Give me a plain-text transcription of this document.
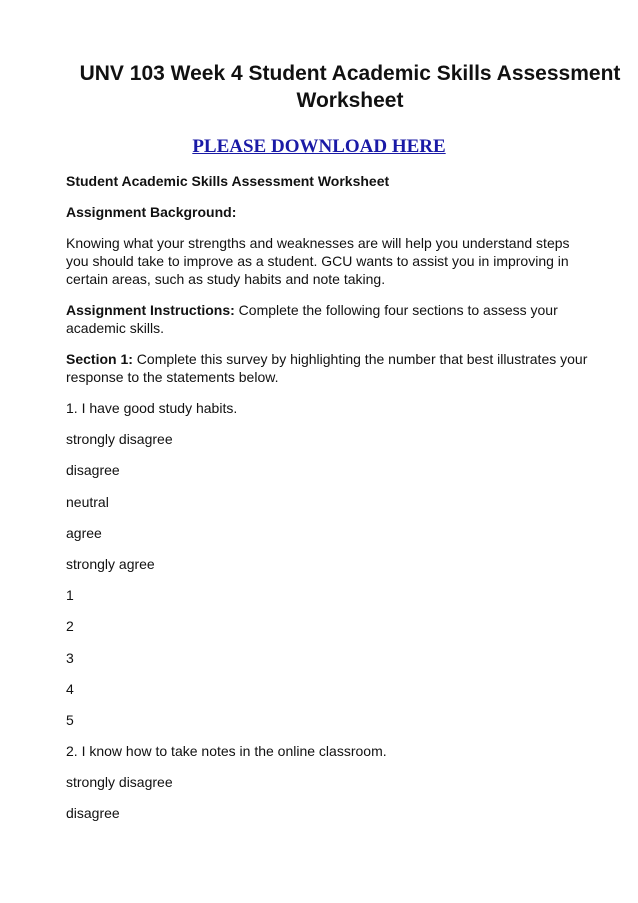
UNV 103 Week 4 Student Academic Skills Assessment Worksheet
PLEASE DOWNLOAD HERE

Student Academic Skills Assessment Worksheet

Assignment Background:

Knowing what your strengths and weaknesses are will help you understand steps you should take to improve as a student. GCU wants to assist you in improving in certain areas, such as study habits and note taking.

Assignment Instructions: Complete the following four sections to assess your academic skills.

Section 1: Complete this survey by highlighting the number that best illustrates your response to the statements below.

1. I have good study habits.

strongly disagree

disagree

neutral

agree

strongly agree

1

2

3

4

5

2. I know how to take notes in the online classroom.

strongly disagree

disagree
